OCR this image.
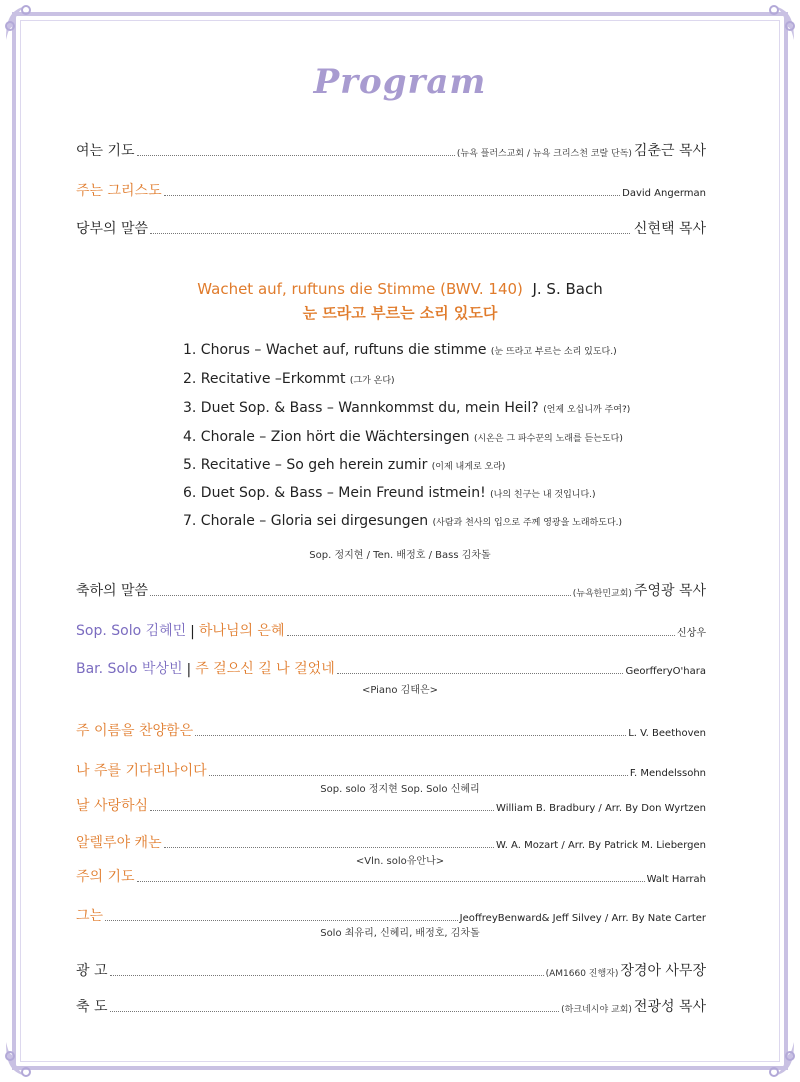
Program
여는 기도	(뉴욕 플러스교회 / 뉴욕 크리스천 코랄 단독) 김춘근 목사
주는 그리스도	David Angerman
당부의 말씀	신현택 목사
Wachet auf, ruftuns die Stimme (BWV. 140) J. S. Bach
눈 뜨라고 부르는 소리 있도다
1. Chorus – Wachet auf, ruftuns die stimme (눈 뜨라고 부르는 소리 있도다.)
2. Recitative –Erkommt (그가 온다)
3. Duet Sop. & Bass – Wannkommst du, mein Heil? (언제 오십니까 주여?)
4. Chorale – Zion hört die Wächtersingen (시온은 그 파수꾼의 노래를 듣는도다)
5. Recitative – So geh herein zumir (이제 내게로 오라)
6. Duet Sop. & Bass – Mein Freund istmein! (나의 친구는 내 것입니다.)
7. Chorale – Gloria sei dirgesungen (사람과 천사의 입으로 주께 영광을 노래하도다.)
Sop. 정지현 / Ten. 배정호 / Bass 김차돌
축하의 말씀	(뉴욕한민교회) 주영광 목사
Sop. Solo 김혜민 | 하나님의 은혜	신상우
Bar. Solo 박상빈 | 주 걸으신 길 나 걸었네	GeorfferyO'hara
<Piano 김태은>
주 이름을 찬양함은	L. V. Beethoven
나 주를 기다리나이다	F. Mendelssohn
Sop. solo 정지현 Sop. Solo 신혜리
날 사랑하심	William B. Bradbury / Arr. By Don Wyrtzen
알렐루야 캐논	W. A. Mozart / Arr. By Patrick M. Liebergen
<Vln. solo유안나>
주의 기도	Walt Harrah
그는	JeoffreyBenward& Jeff Silvey / Arr. By Nate Carter
Solo 최유리, 신혜리, 배정호, 김차돌
광 고	(AM1660 진행자) 장경아 사무장
축 도	(하크네시야 교회) 전광성 목사
